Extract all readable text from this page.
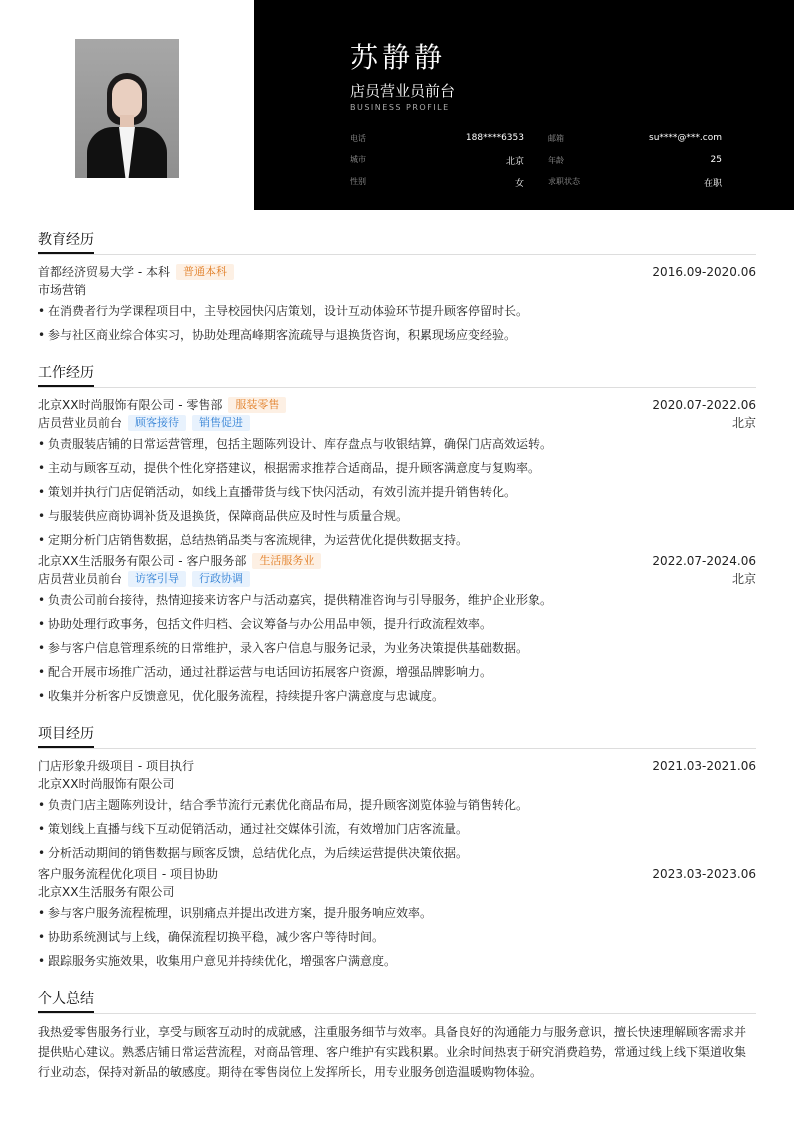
苏静静
店员营业员前台
BUSINESS PROFILE
电话	188****6353	邮箱	su****@***.com
城市	北京	年龄	25
性别	女	求职状态	在职
教育经历
首都经济贸易大学 - 本科	普通本科	2016.09-2020.06
市场营销
• 在消费者行为学课程项目中，主导校园快闪店策划，设计互动体验环节提升顾客停留时长。
• 参与社区商业综合体实习，协助处理高峰期客流疏导与退换货咨询，积累现场应变经验。
工作经历
北京XX时尚服饰有限公司 - 零售部	服装零售	2020.07-2022.06
店员营业员前台	顾客接待	销售促进	北京
• 负责服装店铺的日常运营管理，包括主题陈列设计、库存盘点与收银结算，确保门店高效运转。
• 主动与顾客互动，提供个性化穿搭建议，根据需求推荐合适商品，提升顾客满意度与复购率。
• 策划并执行门店促销活动，如线上直播带货与线下快闪活动，有效引流并提升销售转化。
• 与服装供应商协调补货及退换货，保障商品供应及时性与质量合规。
• 定期分析门店销售数据，总结热销品类与客流规律，为运营优化提供数据支持。
北京XX生活服务有限公司 - 客户服务部	生活服务业	2022.07-2024.06
店员营业员前台	访客引导	行政协调	北京
• 负责公司前台接待，热情迎接来访客户与活动嘉宾，提供精准咨询与引导服务，维护企业形象。
• 协助处理行政事务，包括文件归档、会议筹备与办公用品申领，提升行政流程效率。
• 参与客户信息管理系统的日常维护，录入客户信息与服务记录，为业务决策提供基础数据。
• 配合开展市场推广活动，通过社群运营与电话回访拓展客户资源，增强品牌影响力。
• 收集并分析客户反馈意见，优化服务流程，持续提升客户满意度与忠诚度。
项目经历
门店形象升级项目 - 项目执行	2021.03-2021.06
北京XX时尚服饰有限公司
• 负责门店主题陈列设计，结合季节流行元素优化商品布局，提升顾客浏览体验与销售转化。
• 策划线上直播与线下互动促销活动，通过社交媒体引流，有效增加门店客流量。
• 分析活动期间的销售数据与顾客反馈，总结优化点，为后续运营提供决策依据。
客户服务流程优化项目 - 项目协助	2023.03-2023.06
北京XX生活服务有限公司
• 参与客户服务流程梳理，识别痛点并提出改进方案，提升服务响应效率。
• 协助系统测试与上线，确保流程切换平稳，减少客户等待时间。
• 跟踪服务实施效果，收集用户意见并持续优化，增强客户满意度。
个人总结

我热爱零售服务行业，享受与顾客互动时的成就感，注重服务细节与效率。具备良好的沟通能力与服务意识，擅长快速理解顾客需求并提供贴心建议。熟悉店铺日常运营流程，对商品管理、客户维护有实践积累。业余时间热衷于研究消费趋势，常通过线上线下渠道收集行业动态，保持对新品的敏感度。期待在零售岗位上发挥所长，用专业服务创造温暖购物体验。
